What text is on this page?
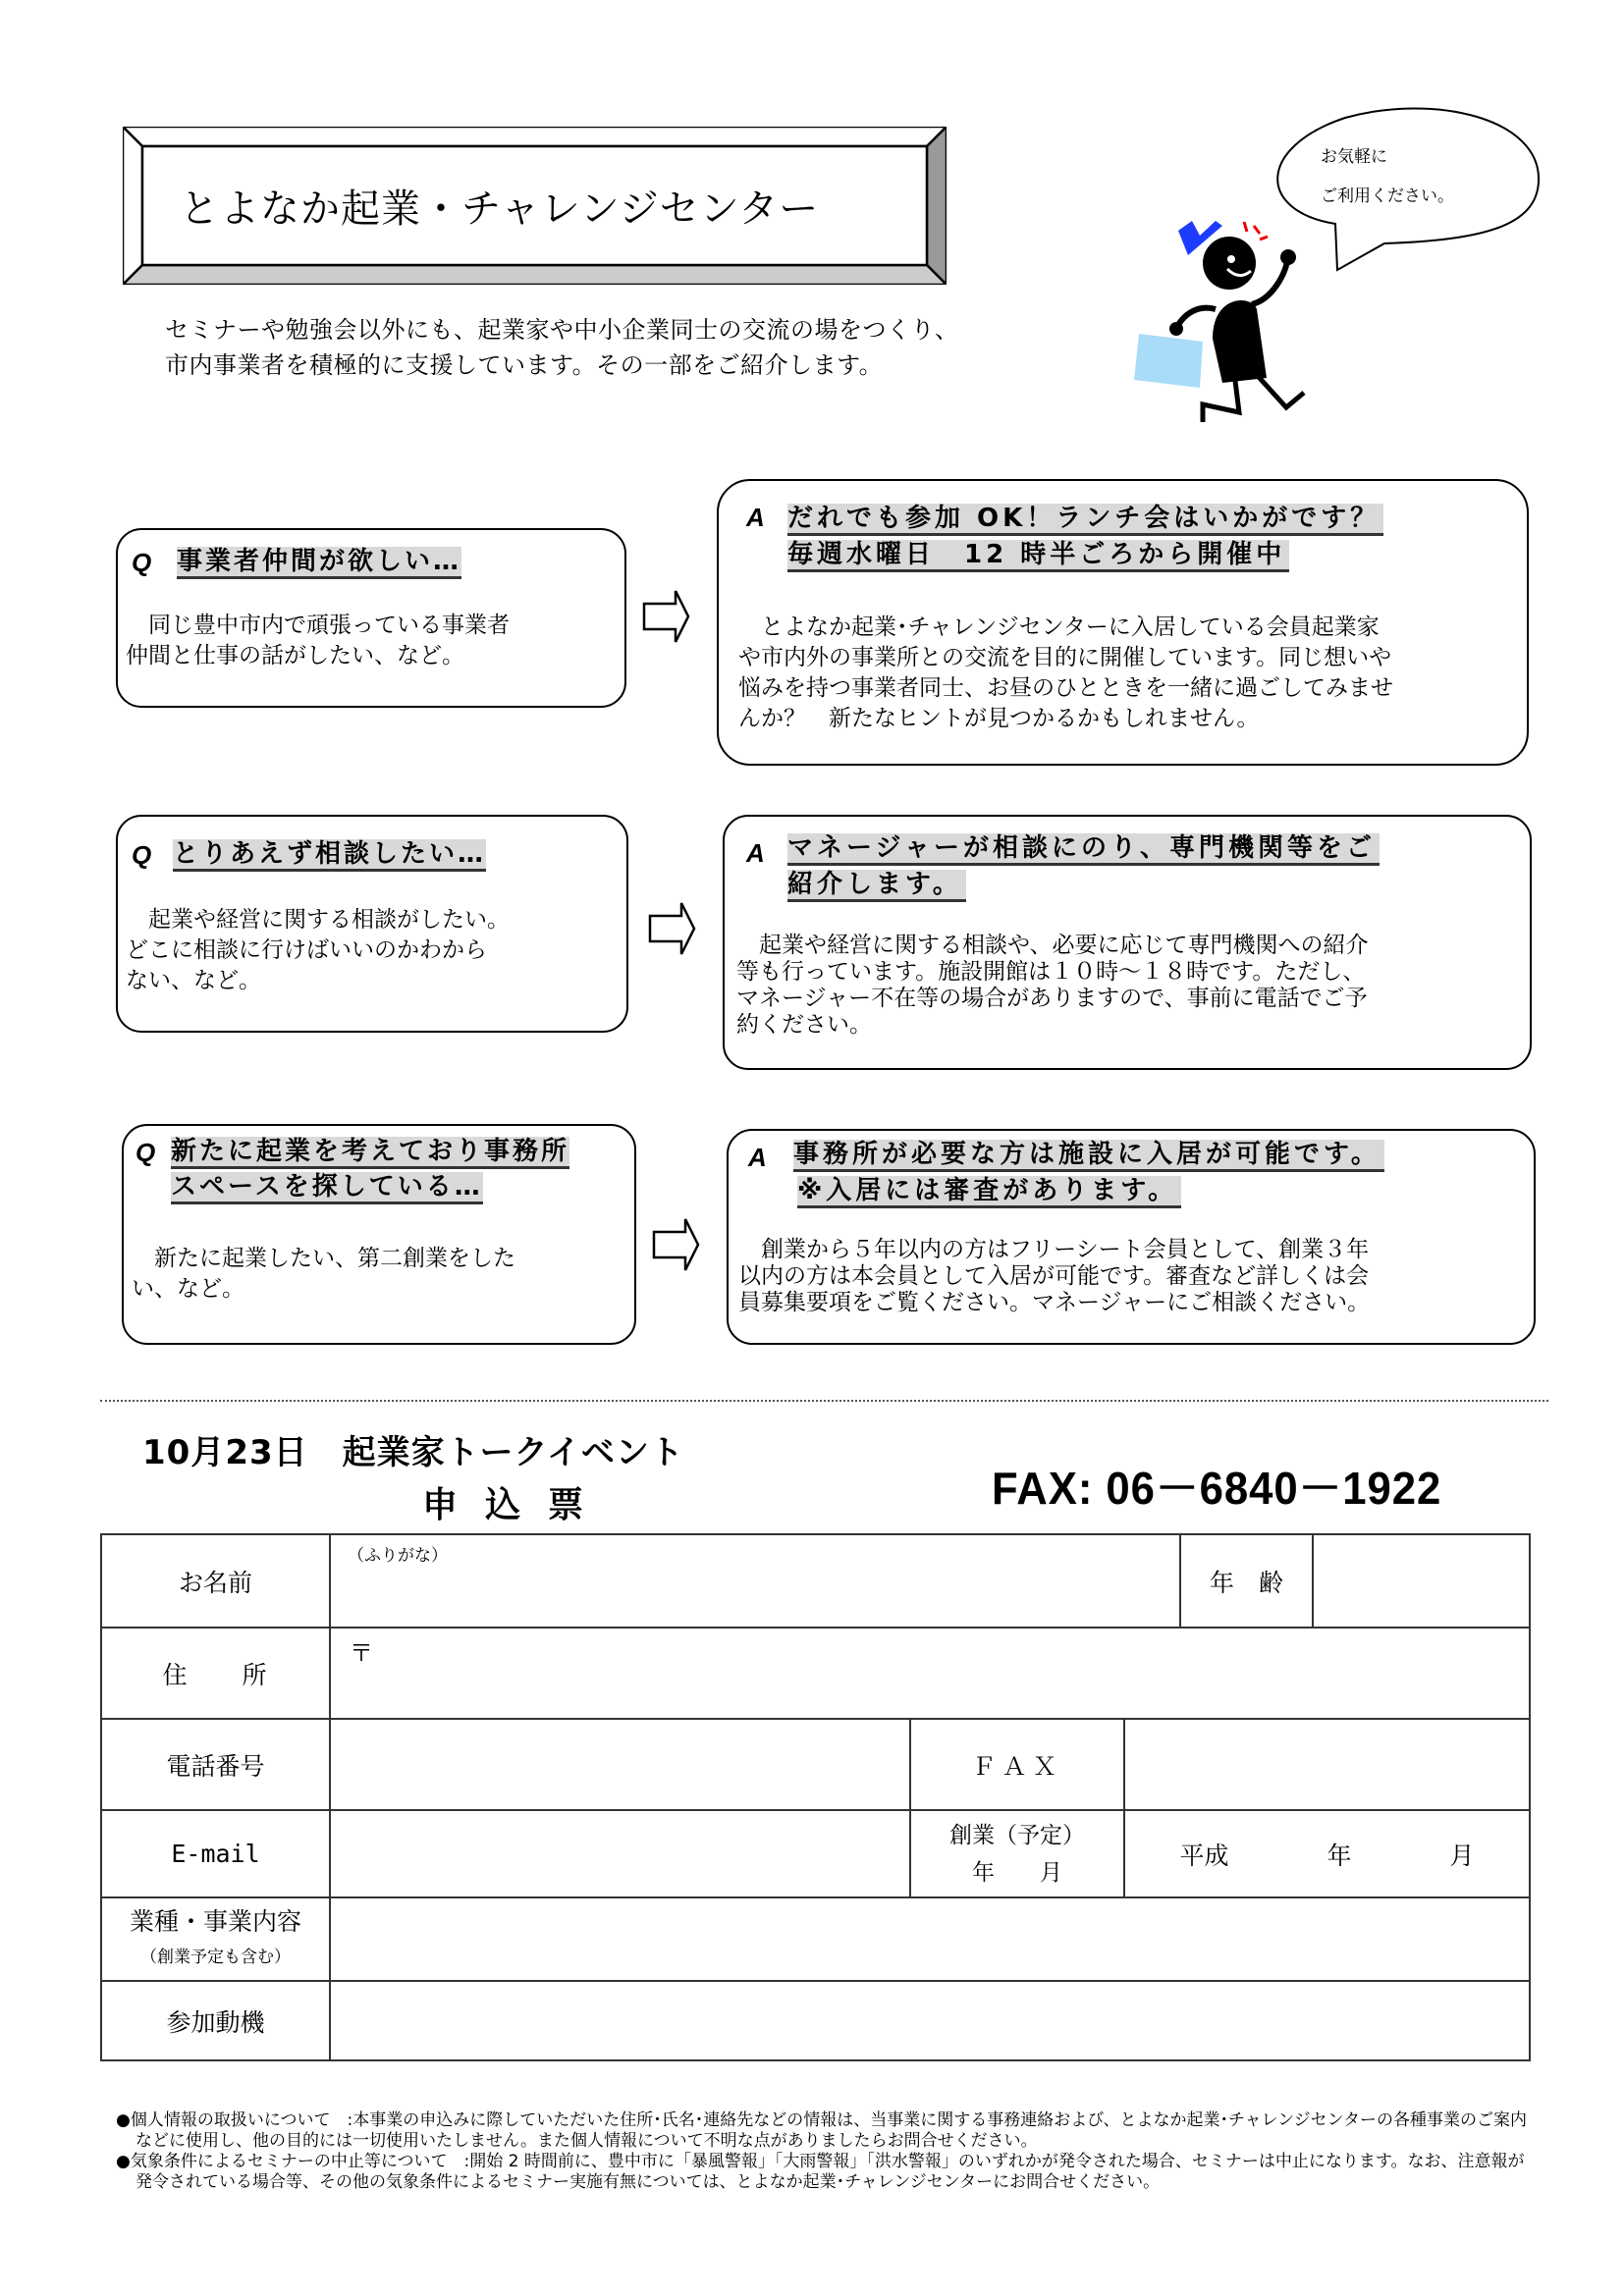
とよなか起業・チャレンジセンター
セミナーや勉強会以外にも、起業家や中小企業同士の交流の場をつくり、
市内事業者を積極的に支援しています。その一部をご紹介します。
お気軽に
ご利用ください。
Q 事業者仲間が欲しい…
同じ豊中市内で頑張っている事業者
仲間と仕事の話がしたい、など。
A だれでも参加 OK！ランチ会はいかがです？
毎週水曜日　12 時半ごろから開催中
とよなか起業･チャレンジセンターに入居している会員起業家
や市内外の事業所との交流を目的に開催しています。同じ想いや
悩みを持つ事業者同士、お昼のひとときを一緒に過ごしてみませ
んか？　新たなヒントが見つかるかもしれません。
Q とりあえず相談したい…
起業や経営に関する相談がしたい。
どこに相談に行けばいいのかわから
ない、など。
A マネージャーが相談にのり、専門機関等をご
紹介します。
起業や経営に関する相談や、必要に応じて専門機関への紹介
等も行っています。施設開館は１０時～１８時です。ただし、
マネージャー不在等の場合がありますので、事前に電話でご予
約ください。
Q 新たに起業を考えており事務所
スペースを探している…
新たに起業したい、第二創業をした
い、など。
A 事務所が必要な方は施設に入居が可能です。
※入居には審査があります。
創業から５年以内の方はフリーシート会員として、創業３年
以内の方は本会員として入居が可能です。審査など詳しくは会
員募集要項をご覧ください。マネージャーにご相談ください。
10月23日　起業家トークイベント
申込票	FAX: 06－6840－1922
お名前
（ふりがな）
年　齢
住　　所
〒
電話番号	ＦＡＸ
E-mail
創業（予定）
年　　月
平成　　　　年　　　　月
業種・事業内容
（創業予定も含む）
参加動機

●個人情報の取扱いについて　:本事業の申込みに際していただいた住所･氏名･連絡先などの情報は、当事業に関する事務連絡および、とよなか起業･チャレンジセンターの各種事業のご案内などに使用し、他の目的には一切使用いたしません。また個人情報について不明な点がありましたらお問合せください。

●気象条件によるセミナーの中止等について　:開始 2 時間前に、豊中市に「暴風警報」「大雨警報」「洪水警報」のいずれかが発令された場合、セミナーは中止になります。なお、注意報が発令されている場合等、その他の気象条件によるセミナー実施有無については、とよなか起業･チャレンジセンターにお問合せください。
